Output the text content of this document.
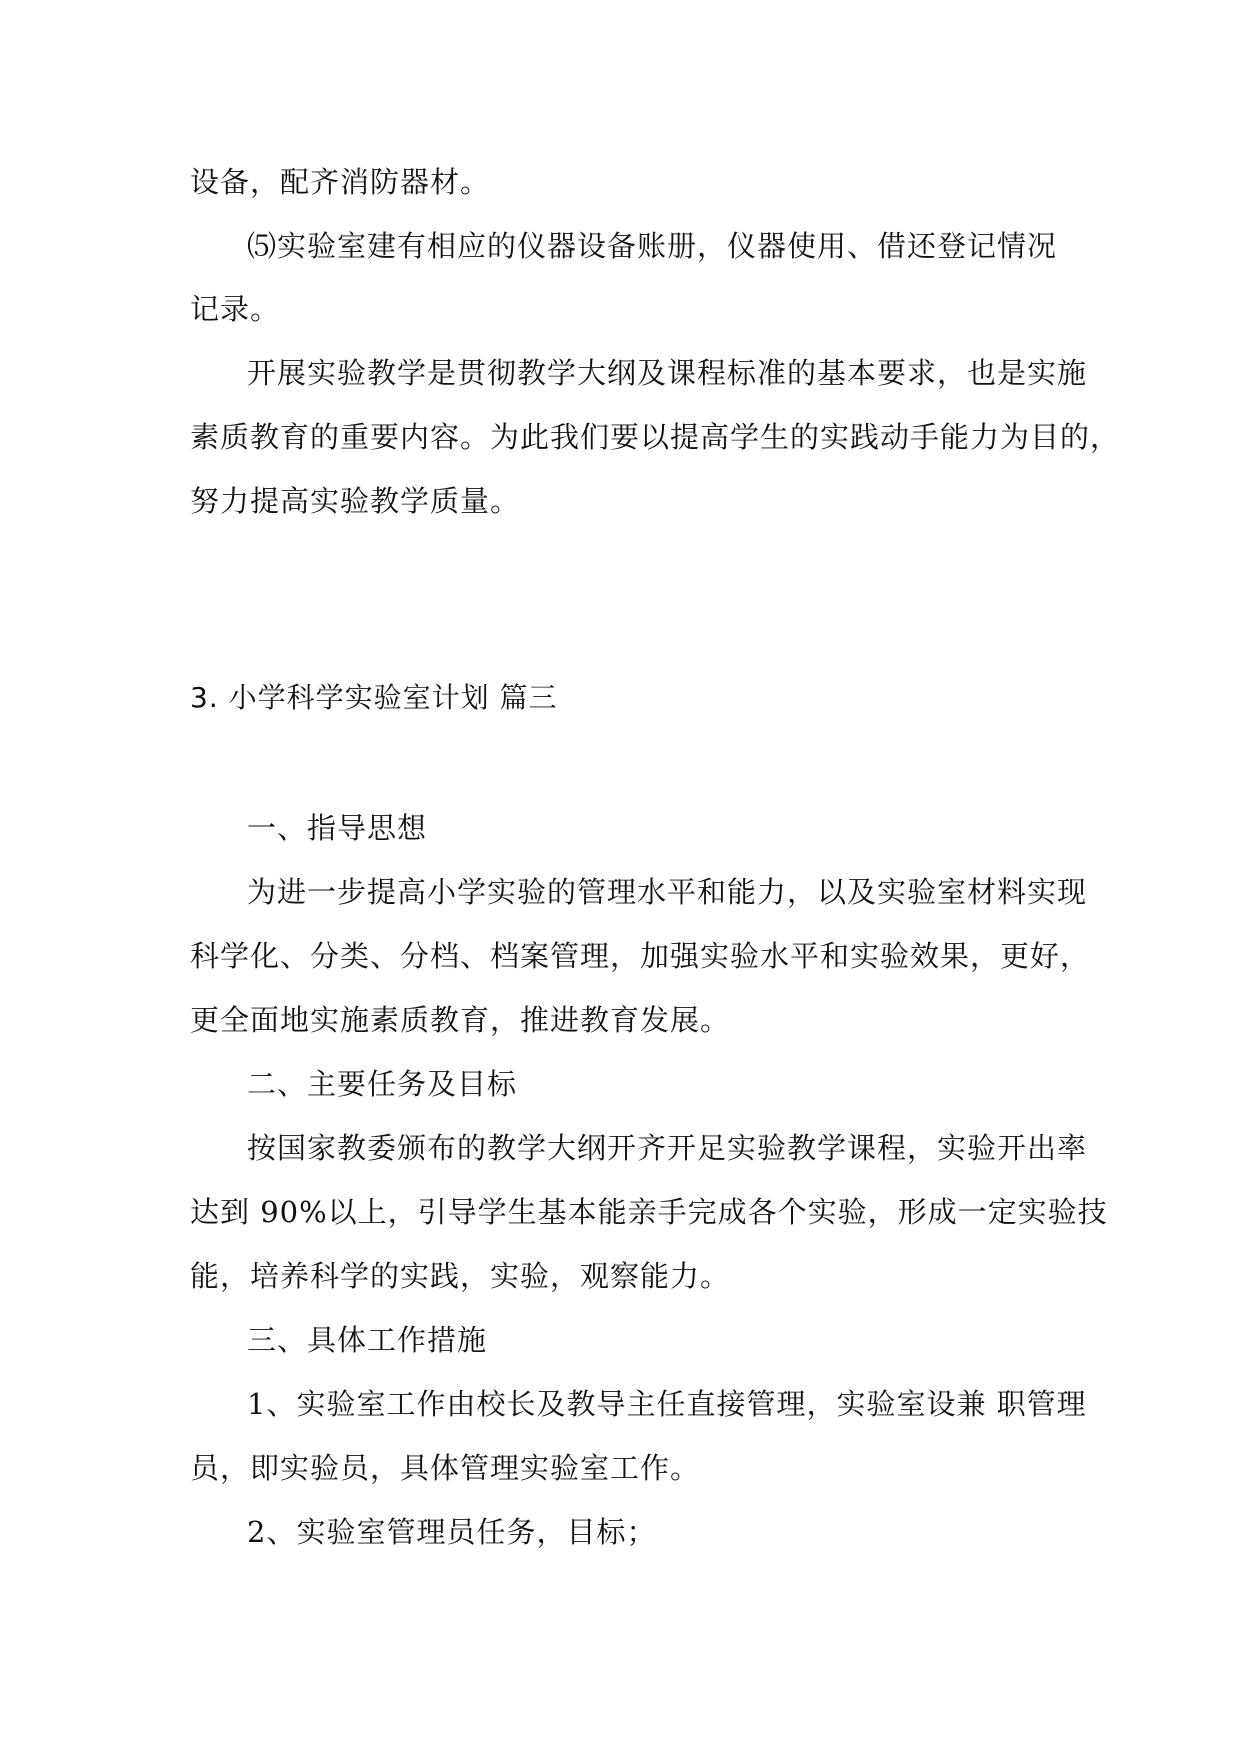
设备，配齐消防器材。
⑸实验室建有相应的仪器设备账册，仪器使用、借还登记情况
记录。
开展实验教学是贯彻教学大纲及课程标准的基本要求，也是实施
素质教育的重要内容。为此我们要以提高学生的实践动手能力为目的，
努力提高实验教学质量。
3. 小学科学实验室计划 篇三
一、指导思想
为进一步提高小学实验的管理水平和能力，以及实验室材料实现
科学化、分类、分档、档案管理，加强实验水平和实验效果，更好，
更全面地实施素质教育，推进教育发展。
二、主要任务及目标
按国家教委颁布的教学大纲开齐开足实验教学课程，实验开出率
达到 90%以上，引导学生基本能亲手完成各个实验，形成一定实验技
能，培养科学的实践，实验，观察能力。
三、具体工作措施
1、实验室工作由校长及教导主任直接管理，实验室设兼 职管理
员，即实验员，具体管理实验室工作。
2、实验室管理员任务，目标；
